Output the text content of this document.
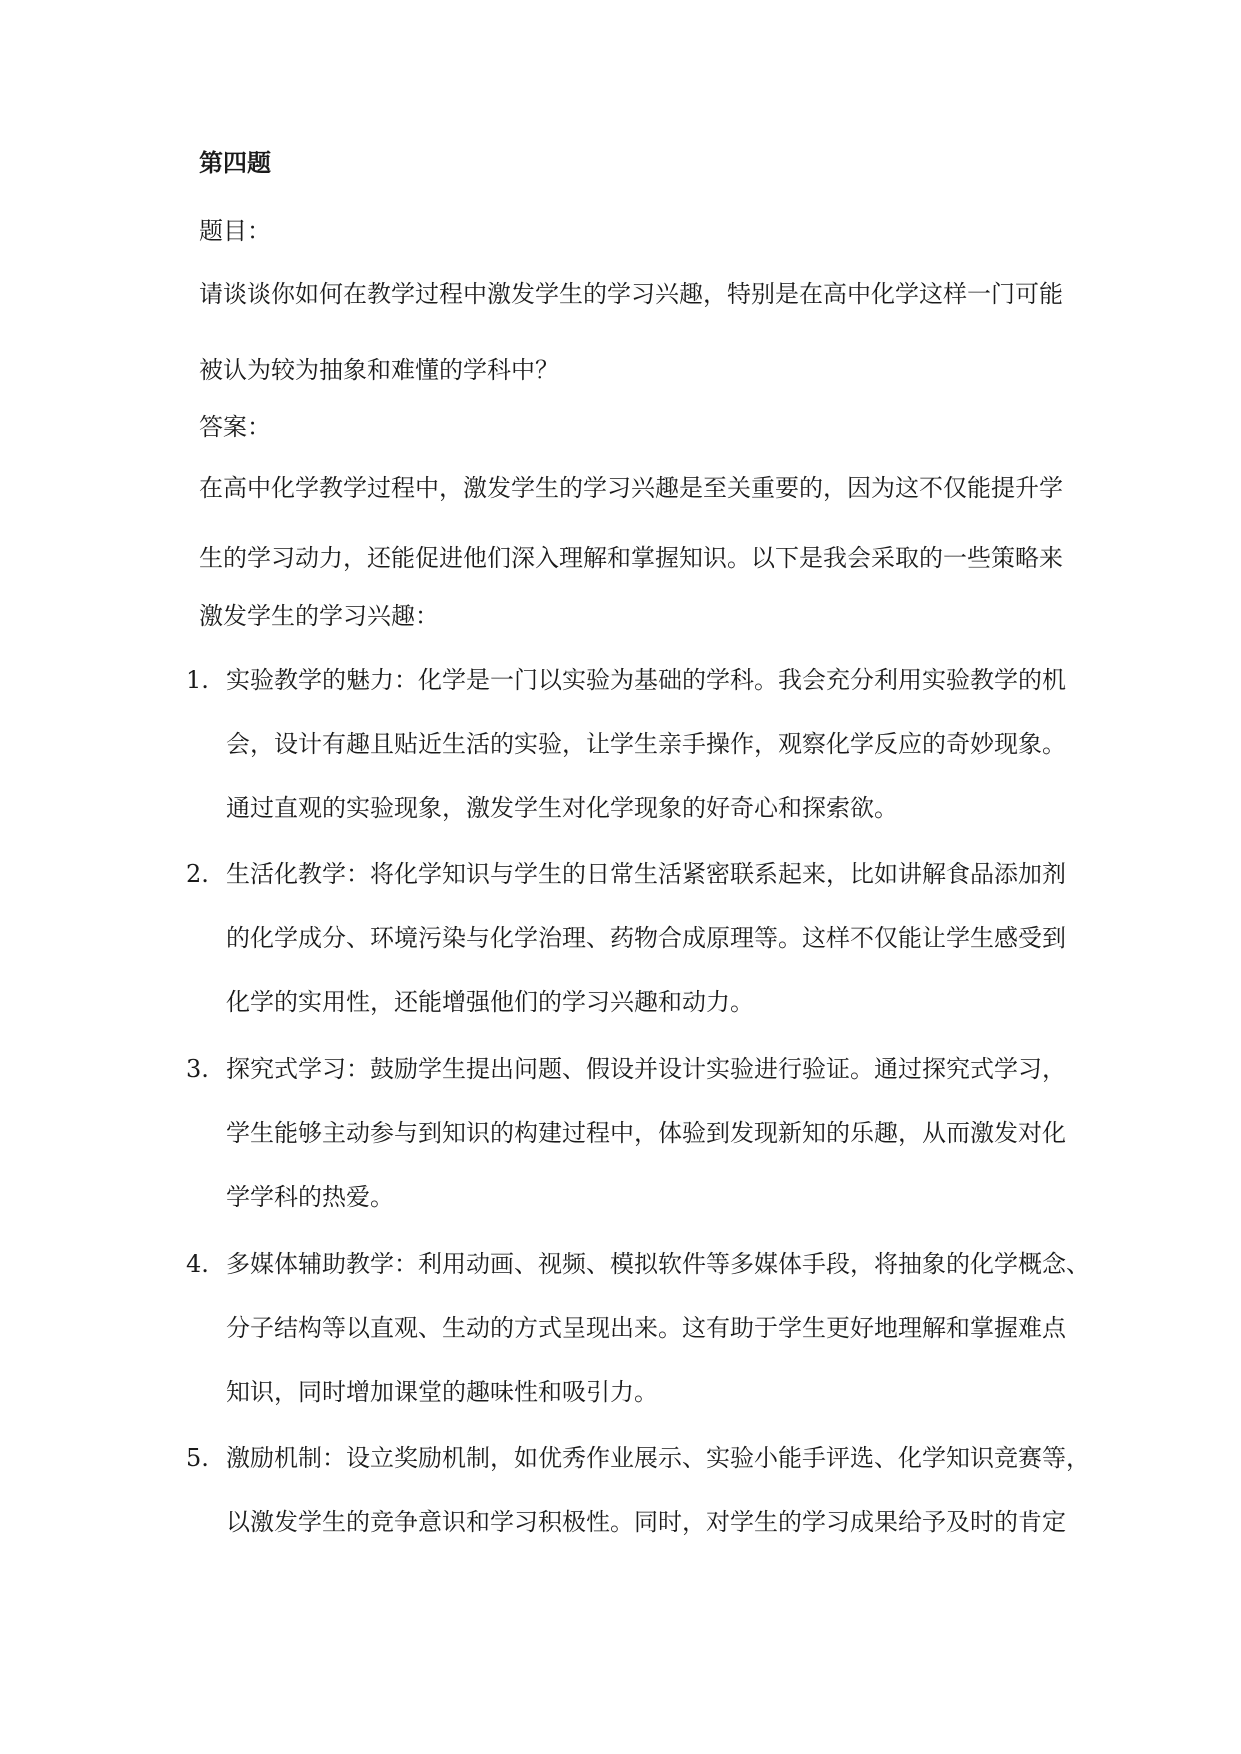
第四题
题目：
请谈谈你如何在教学过程中激发学生的学习兴趣，特别是在高中化学这样一门可能
被认为较为抽象和难懂的学科中？
答案：
在高中化学教学过程中，激发学生的学习兴趣是至关重要的，因为这不仅能提升学
生的学习动力，还能促进他们深入理解和掌握知识。以下是我会采取的一些策略来
激发学生的学习兴趣：
1. 实验教学的魅力：化学是一门以实验为基础的学科。我会充分利用实验教学的机
会，设计有趣且贴近生活的实验，让学生亲手操作，观察化学反应的奇妙现象。
通过直观的实验现象，激发学生对化学现象的好奇心和探索欲。
2. 生活化教学：将化学知识与学生的日常生活紧密联系起来，比如讲解食品添加剂
的化学成分、环境污染与化学治理、药物合成原理等。这样不仅能让学生感受到
化学的实用性，还能增强他们的学习兴趣和动力。
3. 探究式学习：鼓励学生提出问题、假设并设计实验进行验证。通过探究式学习，
学生能够主动参与到知识的构建过程中，体验到发现新知的乐趣，从而激发对化
学学科的热爱。
4. 多媒体辅助教学：利用动画、视频、模拟软件等多媒体手段，将抽象的化学概念、
分子结构等以直观、生动的方式呈现出来。这有助于学生更好地理解和掌握难点
知识，同时增加课堂的趣味性和吸引力。
5. 激励机制：设立奖励机制，如优秀作业展示、实验小能手评选、化学知识竞赛等，
以激发学生的竞争意识和学习积极性。同时，对学生的学习成果给予及时的肯定
